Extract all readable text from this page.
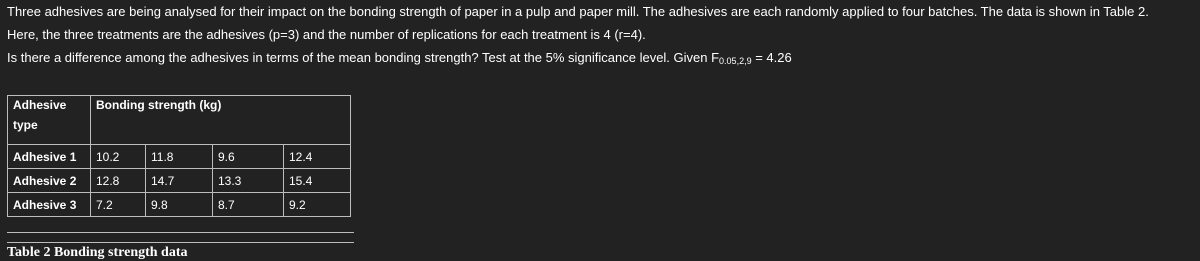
Three adhesives are being analysed for their impact on the bonding strength of paper in a pulp and paper mill. The adhesives are each randomly applied to four batches. The data is shown in Table 2.
Here, the three treatments are the adhesives (p=3) and the number of replications for each treatment is 4 (r=4).
Is there a difference among the adhesives in terms of the mean bonding strength? Test at the 5% significance level. Given $F_{0.05,2,9} = 4.26$
Adhesive
type	Bonding strength (kg)			
Adhesive 1	10.2	11.8	9.6	12.4
Adhesive 2	12.8	14.7	13.3	15.4
Adhesive 3	7.2	9.8	8.7	9.2
Table 2 Bonding strength data
